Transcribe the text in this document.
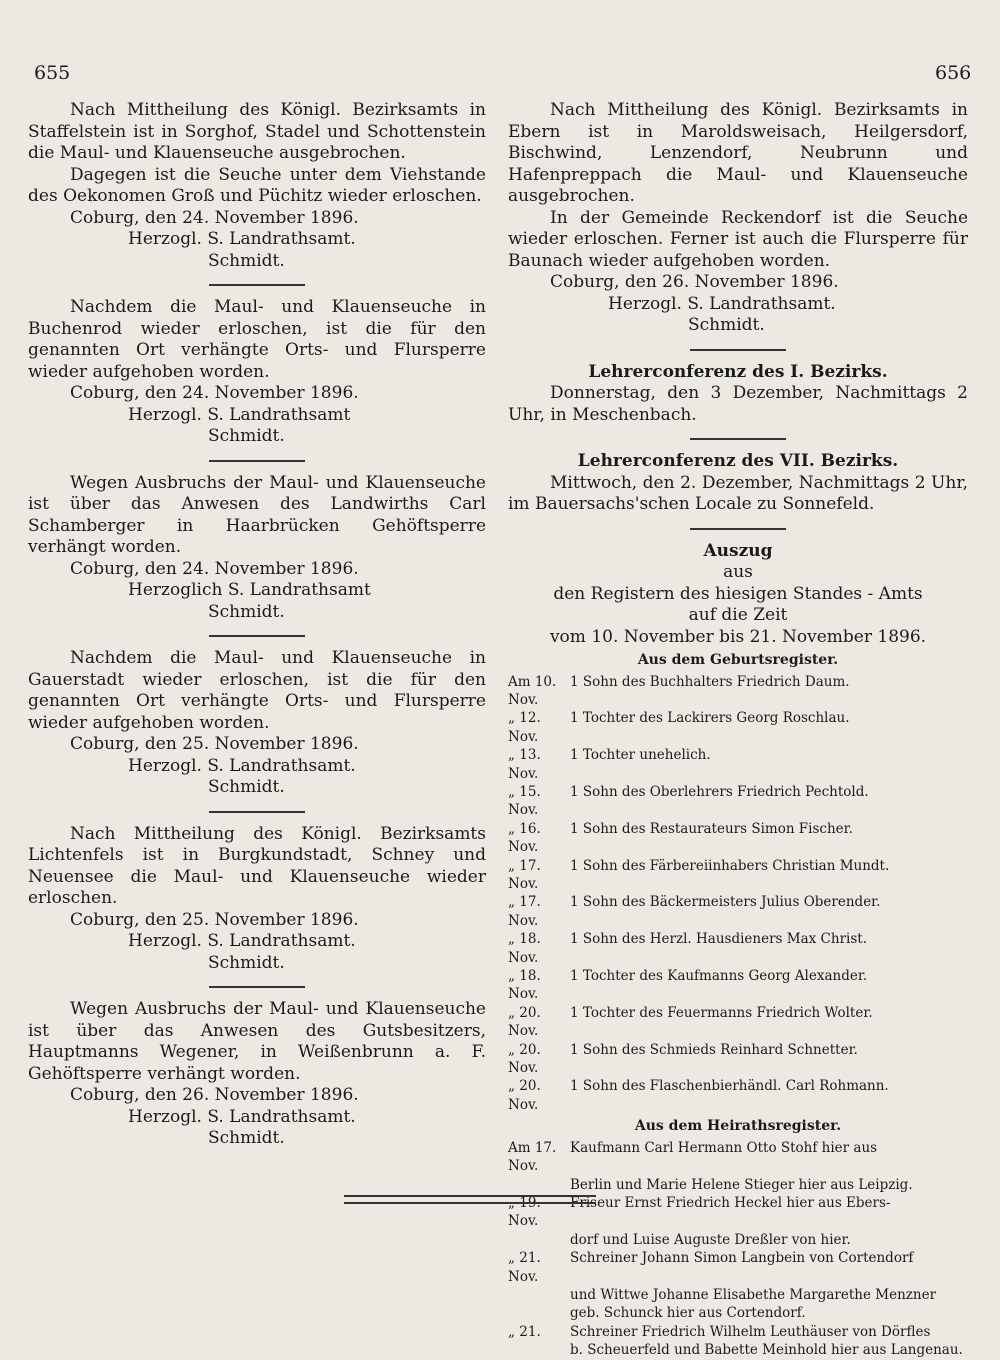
655	656

Nach Mittheilung des Königl. Bezirksamts in Staffelstein ist in Sorghof, Stadel und Schottenstein die Maul- und Klauenseuche ausgebrochen.

Dagegen ist die Seuche unter dem Viehstande des Oekonomen Groß und Püchitz wieder erloschen.

Coburg, den 24. November 1896.

Herzogl. S. Landrathsamt.

Schmidt.

Nachdem die Maul- und Klauenseuche in Buchenrod wieder erloschen, ist die für den genannten Ort verhängte Orts- und Flursperre wieder aufgehoben worden.

Coburg, den 24. November 1896.

Herzogl. S. Landrathsamt

Schmidt.

Wegen Ausbruchs der Maul- und Klauenseuche ist über das Anwesen des Landwirths Carl Schamberger in Haarbrücken Gehöftsperre verhängt worden.

Coburg, den 24. November 1896.

Herzoglich S. Landrathsamt

Schmidt.

Nachdem die Maul- und Klauenseuche in Gauerstadt wieder erloschen, ist die für den genannten Ort verhängte Orts- und Flursperre wieder aufgehoben worden.

Coburg, den 25. November 1896.

Herzogl. S. Landrathsamt.

Schmidt.

Nach Mittheilung des Königl. Bezirksamts Lichtenfels ist in Burgkundstadt, Schney und Neuensee die Maul- und Klauenseuche wieder erloschen.

Coburg, den 25. November 1896.

Herzogl. S. Landrathsamt.

Schmidt.

Wegen Ausbruchs der Maul- und Klauenseuche ist über das Anwesen des Gutsbesitzers, Hauptmanns Wegener, in Weißenbrunn a. F. Gehöftsperre verhängt worden.

Coburg, den 26. November 1896.

Herzogl. S. Landrathsamt.

Schmidt.

Nach Mittheilung des Königl. Bezirksamts in Ebern ist in Maroldsweisach, Heilgersdorf, Bischwind, Lenzendorf, Neubrunn und Hafenpreppach die Maul- und Klauenseuche ausgebrochen.

In der Gemeinde Reckendorf ist die Seuche wieder erloschen. Ferner ist auch die Flursperre für Baunach wieder aufgehoben worden.

Coburg, den 26. November 1896.

Herzogl. S. Landrathsamt.

Schmidt.

Lehrerconferenz des I. Bezirks.

Donnerstag, den 3 Dezember, Nachmittags 2 Uhr, in Meschenbach.

Lehrerconferenz des VII. Bezirks.

Mittwoch, den 2. Dezember, Nachmittags 2 Uhr, im Bauersachs'schen Locale zu Sonnefeld.

Auszug

aus

den Registern des hiesigen Standes - Amts

auf die Zeit

vom 10. November bis 21. November 1896.

Aus dem Geburtsregister.

Am 10. Nov.
1 Sohn des Buchhalters Friedrich Daum.
„ 12. Nov.
1 Tochter des Lackirers Georg Roschlau.
„ 13. Nov.
1 Tochter unehelich.
„ 15. Nov.
1 Sohn des Oberlehrers Friedrich Pechtold.
„ 16. Nov.
1 Sohn des Restaurateurs Simon Fischer.
„ 17. Nov.
1 Sohn des Färbereiinhabers Christian Mundt.
„ 17. Nov.
1 Sohn des Bäckermeisters Julius Oberender.
„ 18. Nov.
1 Sohn des Herzl. Hausdieners Max Christ.
„ 18. Nov.
1 Tochter des Kaufmanns Georg Alexander.
„ 20. Nov.
1 Tochter des Feuermanns Friedrich Wolter.
„ 20. Nov.
1 Sohn des Schmieds Reinhard Schnetter.
„ 20. Nov.
1 Sohn des Flaschenbierhändl. Carl Rohmann.

Aus dem Heirathsregister.

Am 17. Nov.
Kaufmann Carl Hermann Otto Stohf hier aus
Berlin und Marie Helene Stieger hier aus Leipzig.
„ 19. Nov.
Friseur Ernst Friedrich Heckel hier aus Ebers-
dorf und Luise Auguste Dreßler von hier.
„ 21. Nov.
Schreiner Johann Simon Langbein von Cortendorf
und Wittwe Johanne Elisabethe Margarethe Menzner geb. Schunck hier aus Cortendorf.
„ 21.	Schreiner Friedrich Wilhelm Leuthäuser von Dörfles
b. Scheuerfeld und Babette Meinhold hier aus Langenau.
